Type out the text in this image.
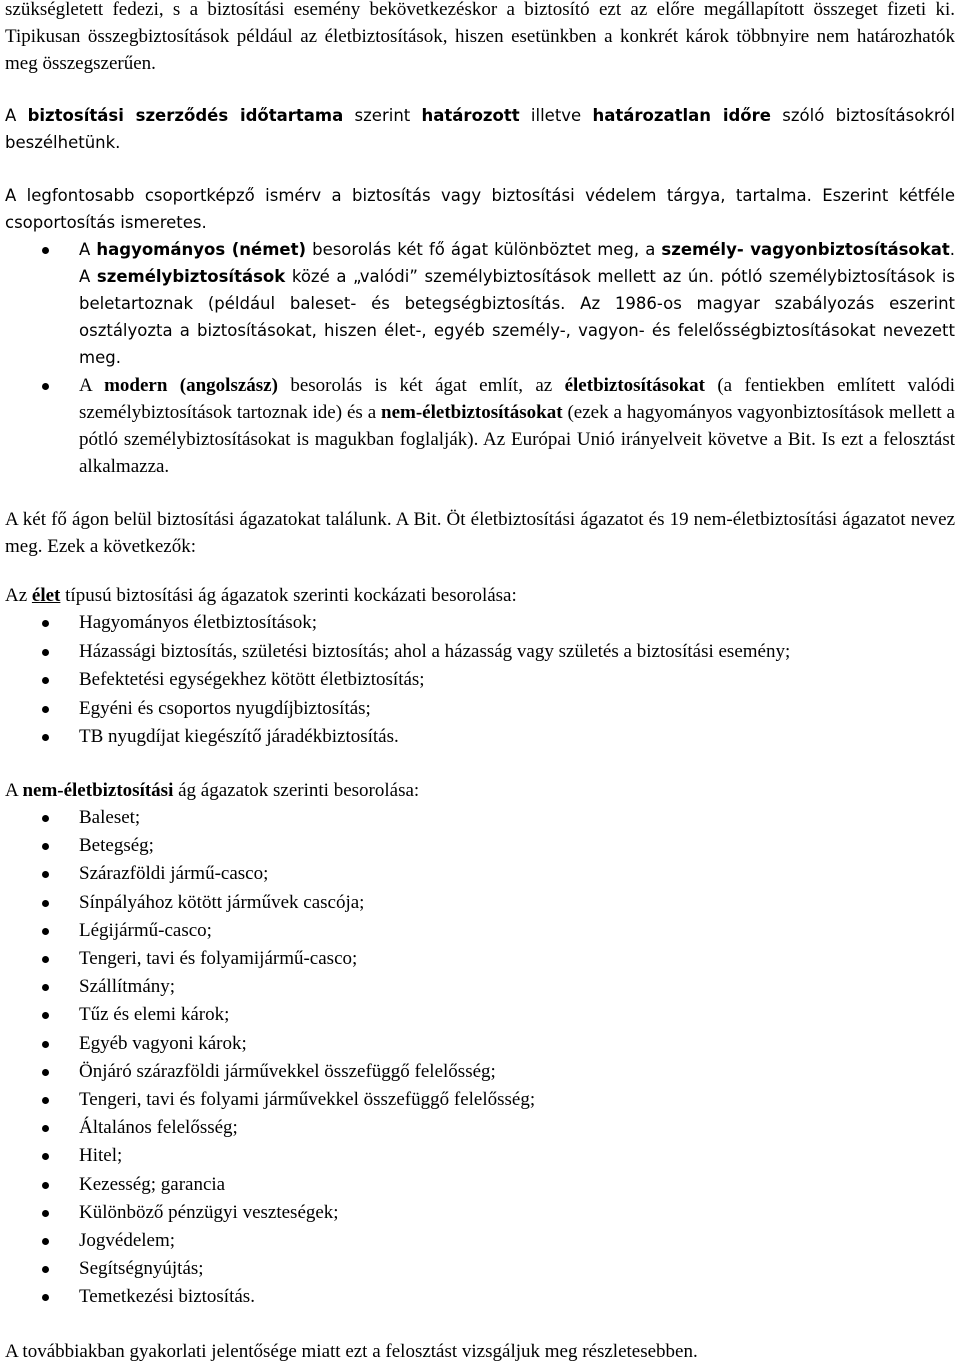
szükségletett fedezi, s a biztosítási esemény bekövetkezéskor a biztosító ezt az előre megállapított összeget fizeti ki. Tipikusan összegbiztosítások például az életbiztosítások, hiszen esetünkben a konkrét károk többnyire nem határozhatók meg összegszerűen.

A biztosítási szerződés időtartama szerint határozott illetve határozatlan időre szóló biztosításokról beszélhetünk.

A legfontosabb csoportképző ismérv a biztosítás vagy biztosítási védelem tárgya, tartalma. Eszerint kétféle csoportosítás ismeretes.

A hagyományos (német) besorolás két fő ágat különböztet meg, a személy- vagyonbiztosításokat. A személybiztosítások közé a „valódi” személybiztosítások mellett az ún. pótló személybiztosítások is beletartoznak (például baleset- és betegségbiztosítás. Az 1986-os magyar szabályozás eszerint osztályozta a biztosításokat, hiszen élet-, egyéb személy-, vagyon- és felelősségbiztosításokat nevezett meg.
A modern (angolszász) besorolás is két ágat említ, az életbiztosításokat (a fentiekben említett valódi személybiztosítások tartoznak ide) és a nem-életbiztosításokat (ezek a hagyományos vagyonbiztosítások mellett a pótló személybiztosításokat is magukban foglalják). Az Európai Unió irányelveit követve a Bit. Is ezt a felosztást alkalmazza.

A két fő ágon belül biztosítási ágazatokat találunk. A Bit. Öt életbiztosítási ágazatot és 19 nem-életbiztosítási ágazatot nevez meg. Ezek a következők:

Az élet típusú biztosítási ág ágazatok szerinti kockázati besorolása:

Hagyományos életbiztosítások;
Házassági biztosítás, születési biztosítás; ahol a házasság vagy születés a biztosítási esemény;
Befektetési egységekhez kötött életbiztosítás;
Egyéni és csoportos nyugdíjbiztosítás;
TB nyugdíjat kiegészítő járadékbiztosítás.

A nem-életbiztosítási ág ágazatok szerinti besorolása:

Baleset;
Betegség;
Szárazföldi jármű-casco;
Sínpályához kötött járművek cascója;
Légijármű-casco;
Tengeri, tavi és folyamijármű-casco;
Szállítmány;
Tűz és elemi károk;
Egyéb vagyoni károk;
Önjáró szárazföldi járművekkel összefüggő felelősség;
Tengeri, tavi és folyami járművekkel összefüggő felelősség;
Általános felelősség;
Hitel;
Kezesség; garancia
Különböző pénzügyi veszteségek;
Jogvédelem;
Segítségnyújtás;
Temetkezési biztosítás.

A továbbiakban gyakorlati jelentősége miatt ezt a felosztást vizsgáljuk meg részletesebben.
